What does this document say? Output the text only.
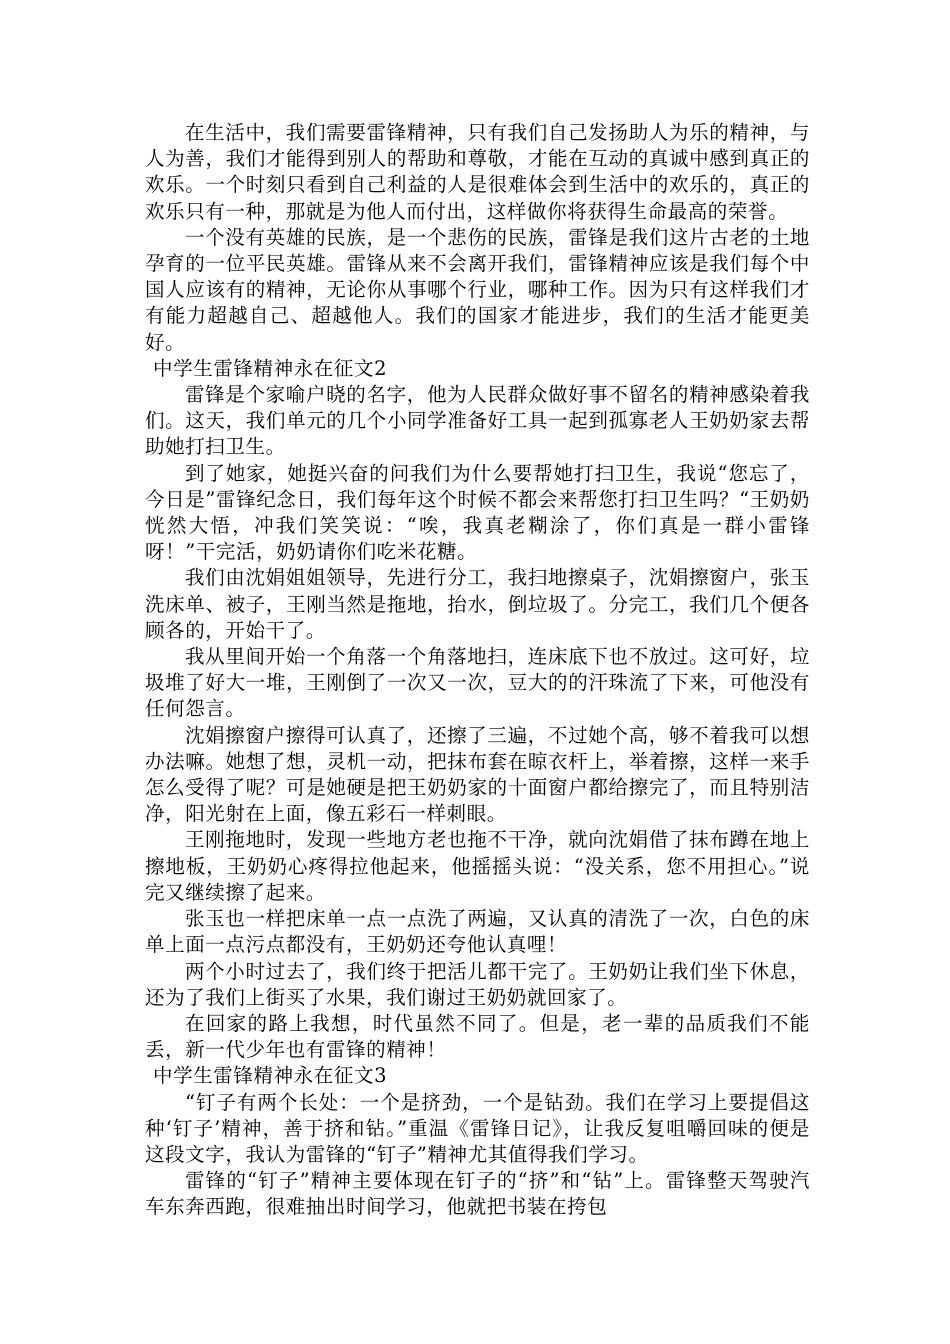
在生活中，我们需要雷锋精神，只有我们自己发扬助人为乐的精神，与人为善，我们才能得到别人的帮助和尊敬，才能在互动的真诚中感到真正的欢乐。一个时刻只看到自己利益的人是很难体会到生活中的欢乐的，真正的欢乐只有一种，那就是为他人而付出，这样做你将获得生命最高的荣誉。

一个没有英雄的民族，是一个悲伤的民族，雷锋是我们这片古老的土地孕育的一位平民英雄。雷锋从来不会离开我们，雷锋精神应该是我们每个中国人应该有的精神，无论你从事哪个行业，哪种工作。因为只有这样我们才有能力超越自己、超越他人。我们的国家才能进步，我们的生活才能更美好。

中学生雷锋精神永在征文2

雷锋是个家喻户晓的名字，他为人民群众做好事不留名的精神感染着我们。这天，我们单元的几个小同学准备好工具一起到孤寡老人王奶奶家去帮助她打扫卫生。

到了她家，她挺兴奋的问我们为什么要帮她打扫卫生，我说“您忘了，今日是”雷锋纪念日，我们每年这个时候不都会来帮您打扫卫生吗？“王奶奶恍然大悟，冲我们笑笑说：“唉，我真老糊涂了，你们真是一群小雷锋呀！”干完活，奶奶请你们吃米花糖。

我们由沈娟姐姐领导，先进行分工，我扫地擦桌子，沈娟擦窗户，张玉洗床单、被子，王刚当然是拖地，抬水，倒垃圾了。分完工，我们几个便各顾各的，开始干了。

我从里间开始一个角落一个角落地扫，连床底下也不放过。这可好，垃圾堆了好大一堆，王刚倒了一次又一次，豆大的的汗珠流了下来，可他没有任何怨言。

沈娟擦窗户擦得可认真了，还擦了三遍，不过她个高，够不着我可以想办法嘛。她想了想，灵机一动，把抹布套在晾衣杆上，举着擦，这样一来手怎么受得了呢？可是她硬是把王奶奶家的十面窗户都给擦完了，而且特别洁净，阳光射在上面，像五彩石一样刺眼。

王刚拖地时，发现一些地方老也拖不干净，就向沈娟借了抹布蹲在地上擦地板，王奶奶心疼得拉他起来，他摇摇头说：“没关系，您不用担心。”说完又继续擦了起来。

张玉也一样把床单一点一点洗了两遍，又认真的清洗了一次，白色的床单上面一点污点都没有，王奶奶还夸他认真哩！

两个小时过去了，我们终于把活儿都干完了。王奶奶让我们坐下休息，还为了我们上街买了水果，我们谢过王奶奶就回家了。

在回家的路上我想，时代虽然不同了。但是，老一辈的品质我们不能丢，新一代少年也有雷锋的精神！

中学生雷锋精神永在征文3

“钉子有两个长处：一个是挤劲，一个是钻劲。我们在学习上要提倡这种‘钉子’精神，善于挤和钻。”重温《雷锋日记》，让我反复咀嚼回味的便是这段文字，我认为雷锋的“钉子”精神尤其值得我们学习。

雷锋的“钉子”精神主要体现在钉子的“挤”和“钻”上。雷锋整天驾驶汽车东奔西跑，很难抽出时间学习，他就把书装在挎包
